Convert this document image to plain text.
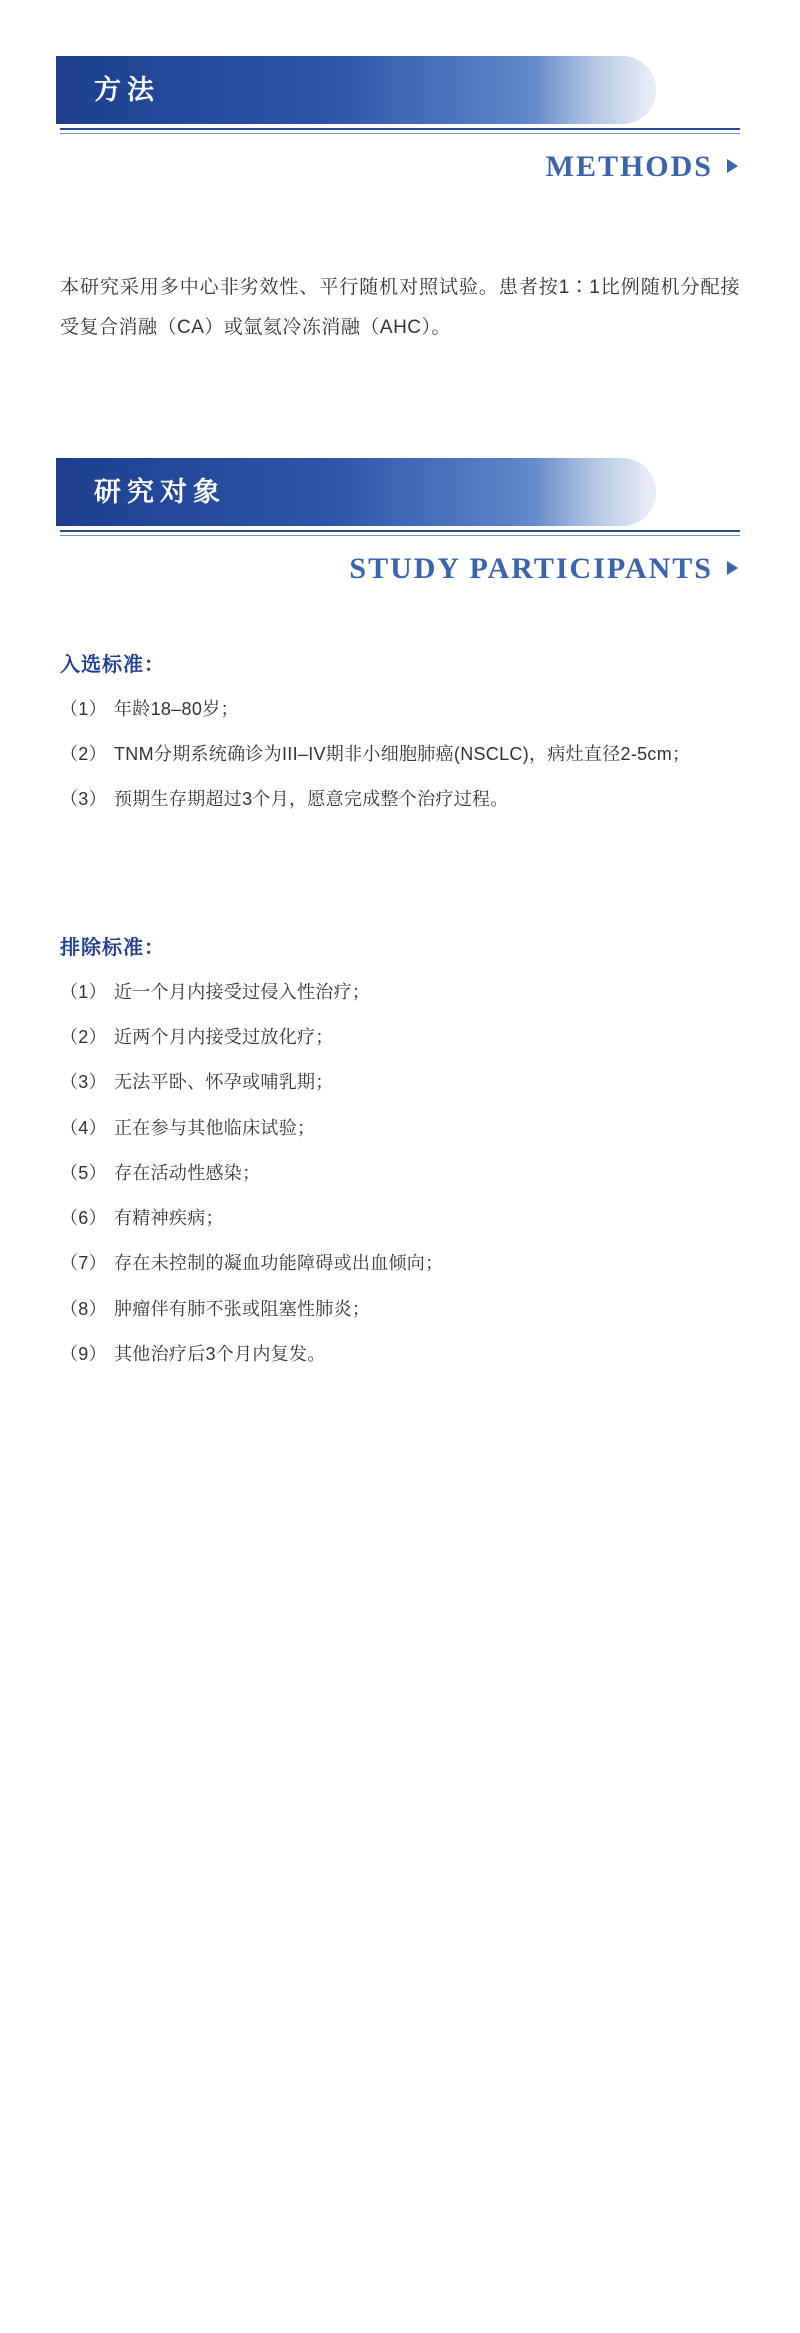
方法
METHODS
本研究采用多中心非劣效性、平行随机对照试验。患者按1∶1比例随机分配接受复合消融（CA）或氩氦冷冻消融（AHC）。
研究对象
STUDY PARTICIPANTS
入选标准：
（1） 年龄18–80岁；
（2） TNM分期系统确诊为III–IV期非小细胞肺癌(NSCLC)，病灶直径2-5cm；
（3） 预期生存期超过3个月，愿意完成整个治疗过程。
排除标准：
（1） 近一个月内接受过侵入性治疗；
（2） 近两个月内接受过放化疗；
（3） 无法平卧、怀孕或哺乳期；
（4） 正在参与其他临床试验；
（5） 存在活动性感染；
（6） 有精神疾病；
（7） 存在未控制的凝血功能障碍或出血倾向；
（8） 肿瘤伴有肺不张或阻塞性肺炎；
（9） 其他治疗后3个月内复发。
